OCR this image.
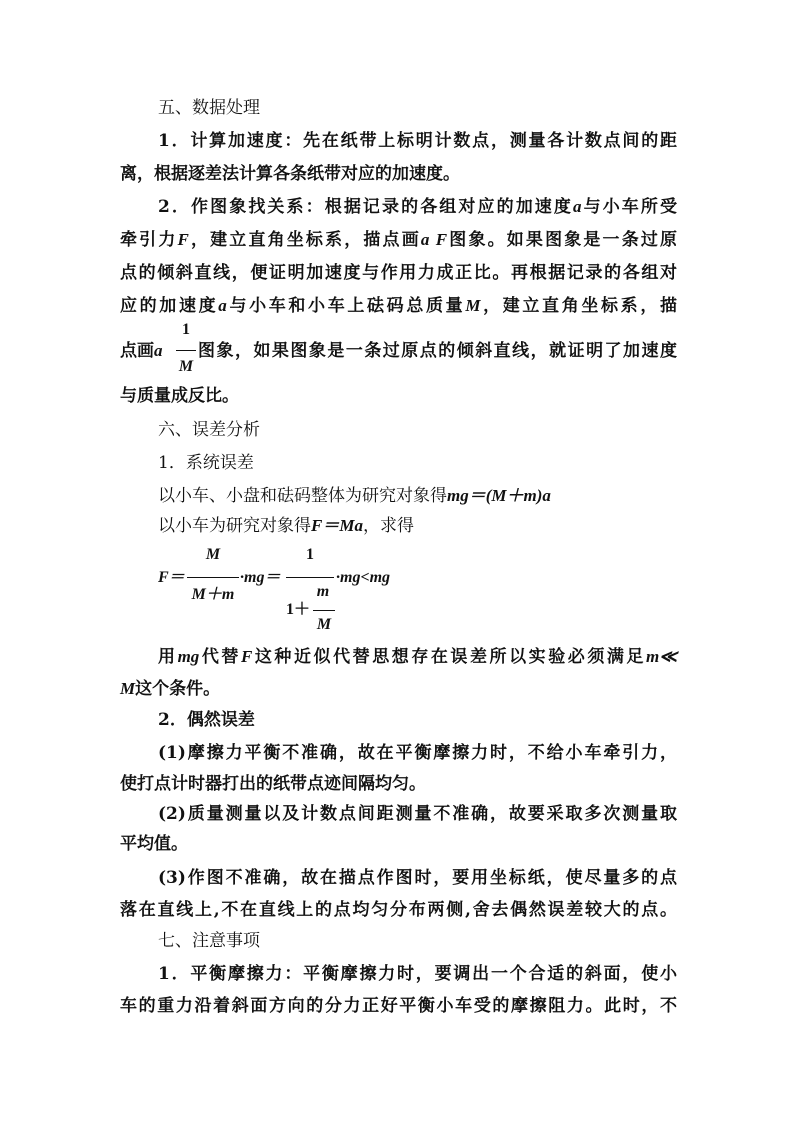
五、数据处理
1．计算加速度：先在纸带上标明计数点，测量各计数点间的距
离，根据逐差法计算各条纸带对应的加速度。
2．作图象找关系：根据记录的各组对应的加速度a与小车所受
牵引力F，建立直角坐标系，描点画a F图象。如果图象是一条过原
点的倾斜直线，便证明加速度与作用力成正比。再根据记录的各组对
应的加速度a与小车和小车上砝码总质量M，建立直角坐标系，描
1
M
点画a 图象，如果图象是一条过原点的倾斜直线，就证明了加速度
与质量成反比。
六、误差分析
1．系统误差
以小车、小盘和砝码整体为研究对象得mg＝(M＋m)a
以小车为研究对象得F＝Ma，求得
F＝
M
M＋m
·mg＝
1
m
1＋
M
·mg<mg
用mg代替F这种近似代替思想存在误差所以实验必须满足m≪
M这个条件。
2．偶然误差
(1)摩擦力平衡不准确，故在平衡摩擦力时，不给小车牵引力，
使打点计时器打出的纸带点迹间隔均匀。
(2)质量测量以及计数点间距测量不准确，故要采取多次测量取
平均值。
(3)作图不准确，故在描点作图时，要用坐标纸，使尽量多的点
落在直线上,不在直线上的点均匀分布两侧,舍去偶然误差较大的点。
七、注意事项
1．平衡摩擦力：平衡摩擦力时，要调出一个合适的斜面，使小
车的重力沿着斜面方向的分力正好平衡小车受的摩擦阻力。此时，不
